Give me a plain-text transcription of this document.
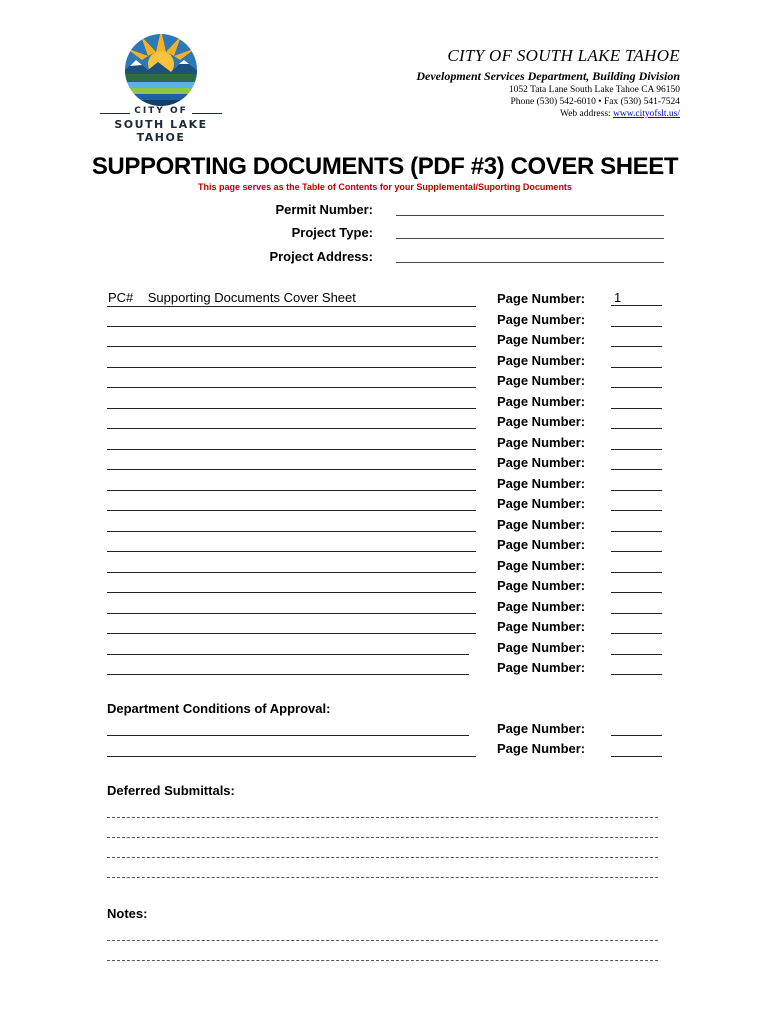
CITY OF
SOUTH LAKE TAHOE
CITY OF SOUTH LAKE TAHOE
Development Services Department, Building Division
1052 Tata Lane South Lake Tahoe CA 96150
Phone (530) 542-6010 • Fax (530) 541-7524
Web address: www.cityofslt.us/
SUPPORTING DOCUMENTS (PDF #3) COVER SHEET
This page serves as the Table of Contents for your Supplemental/Suporting Documents
Permit Number:
Project Type:
Project Address:
PC# Supporting Documents Cover Sheet	1
Page Number:
Page Number:
Page Number:
Page Number:
Page Number:
Page Number:
Page Number:
Page Number:
Page Number:
Page Number:
Page Number:
Page Number:
Page Number:
Page Number:
Page Number:
Page Number:
Page Number:
Page Number:
Page Number:
Department Conditions of Approval:
Page Number:
Page Number:
Deferred Submittals:
Notes:
